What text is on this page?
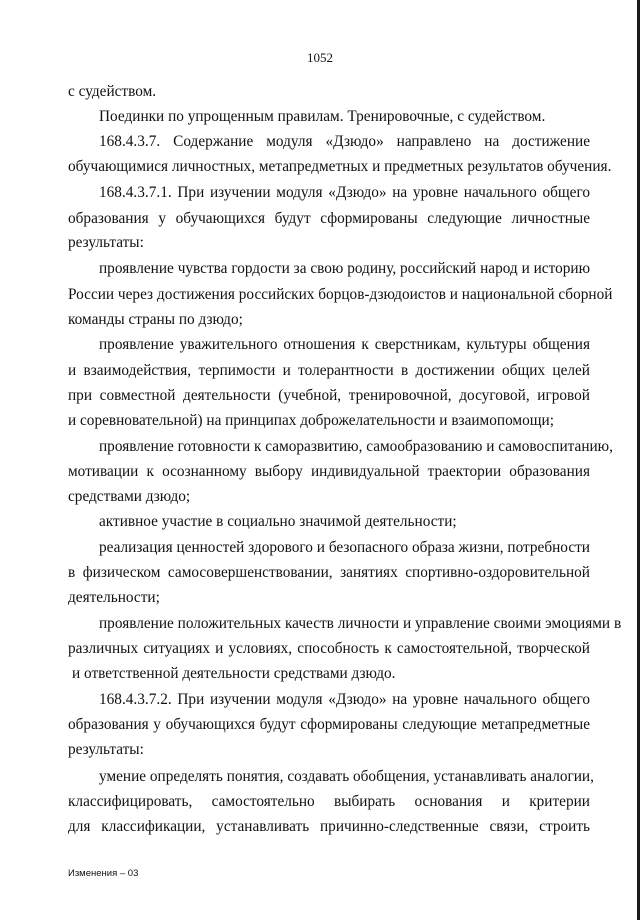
1052
с судейством.
Поединки по упрощенным правилам. Тренировочные, с судейством.
168.4.3.7. Содержание модуля «Дзюдо» направлено на достижение
обучающимися личностных, метапредметных и предметных результатов обучения.
168.4.3.7.1. При изучении модуля «Дзюдо» на уровне начального общего
образования у обучающихся будут сформированы следующие личностные
результаты:
проявление чувства гордости за свою родину, российский народ и историю
России через достижения российских борцов-дзюдоистов и национальной сборной
команды страны по дзюдо;
проявление уважительного отношения к сверстникам, культуры общения
и взаимодействия, терпимости и толерантности в достижении общих целей
при совместной деятельности (учебной, тренировочной, досуговой, игровой
и соревновательной) на принципах доброжелательности и взаимопомощи;
проявление готовности к саморазвитию, самообразованию и самовоспитанию,
мотивации к осознанному выбору индивидуальной траектории образования
средствами дзюдо;
активное участие в социально значимой деятельности;
реализация ценностей здорового и безопасного образа жизни, потребности
в физическом самосовершенствовании, занятиях спортивно-оздоровительной
деятельности;
проявление положительных качеств личности и управление своими эмоциями в
различных ситуациях и условиях, способность к самостоятельной, творческой
и ответственной деятельности средствами дзюдо.
168.4.3.7.2. При изучении модуля «Дзюдо» на уровне начального общего
образования у обучающихся будут сформированы следующие метапредметные
результаты:
умение определять понятия, создавать обобщения, устанавливать аналогии,
классифицировать, самостоятельно выбирать основания и критерии
для классификации, устанавливать причинно-следственные связи, строить
Изменения – 03
